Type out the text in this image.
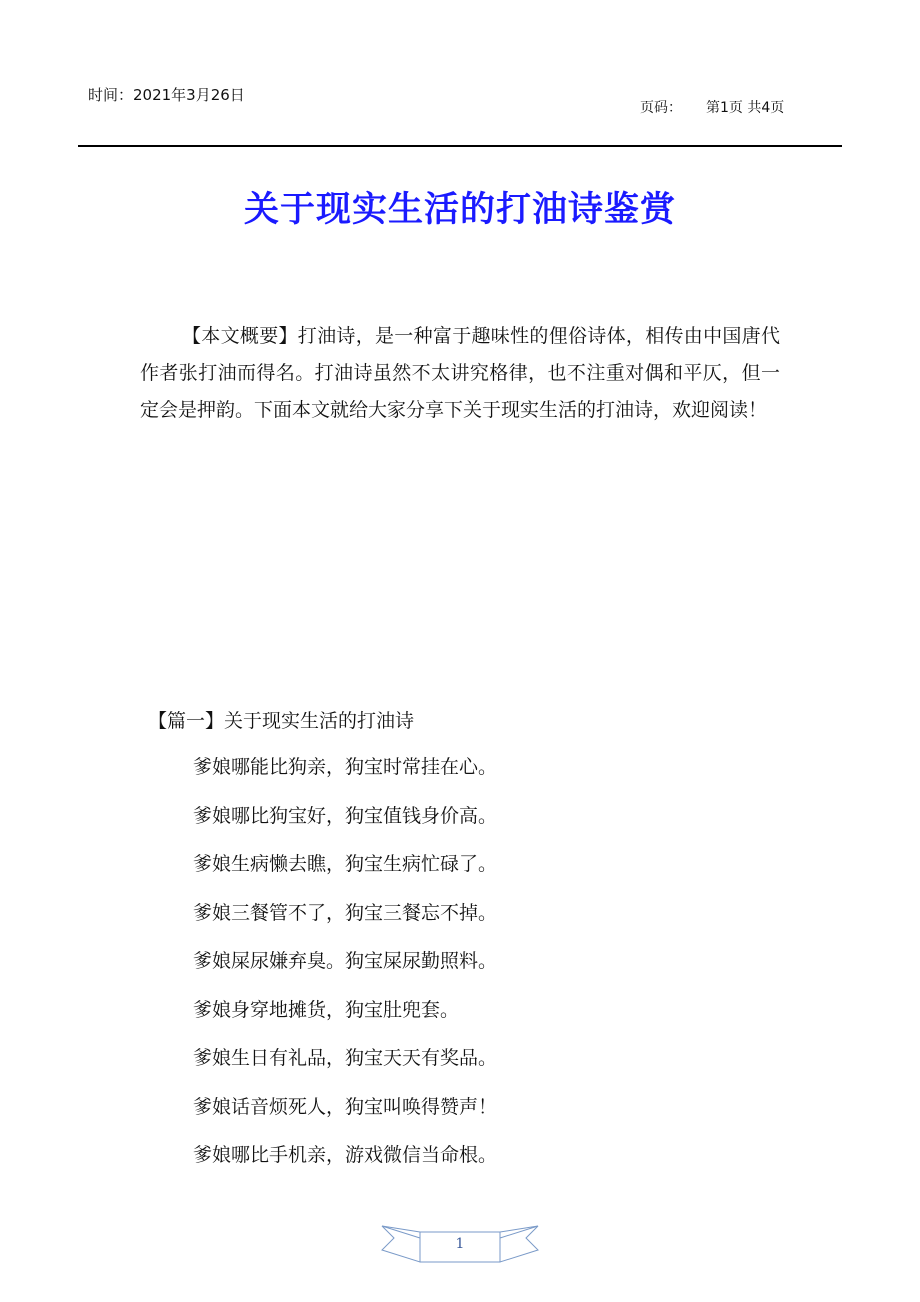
时间：2021年3月26日
页码： 第1页 共4页
关于现实生活的打油诗鉴赏
【本文概要】打油诗，是一种富于趣味性的俚俗诗体，相传由中国唐代作者张打油而得名。打油诗虽然不太讲究格律，也不注重对偶和平仄，但一定会是押韵。下面本文就给大家分享下关于现实生活的打油诗，欢迎阅读！
【篇一】关于现实生活的打油诗
爹娘哪能比狗亲，狗宝时常挂在心。
爹娘哪比狗宝好，狗宝值钱身价高。
爹娘生病懒去瞧，狗宝生病忙碌了。
爹娘三餐管不了，狗宝三餐忘不掉。
爹娘屎尿嫌弃臭。狗宝屎尿勤照料。
爹娘身穿地摊货，狗宝肚兜套。
爹娘生日有礼品，狗宝天天有奖品。
爹娘话音烦死人，狗宝叫唤得赞声！
爹娘哪比手机亲，游戏微信当命根。
1
